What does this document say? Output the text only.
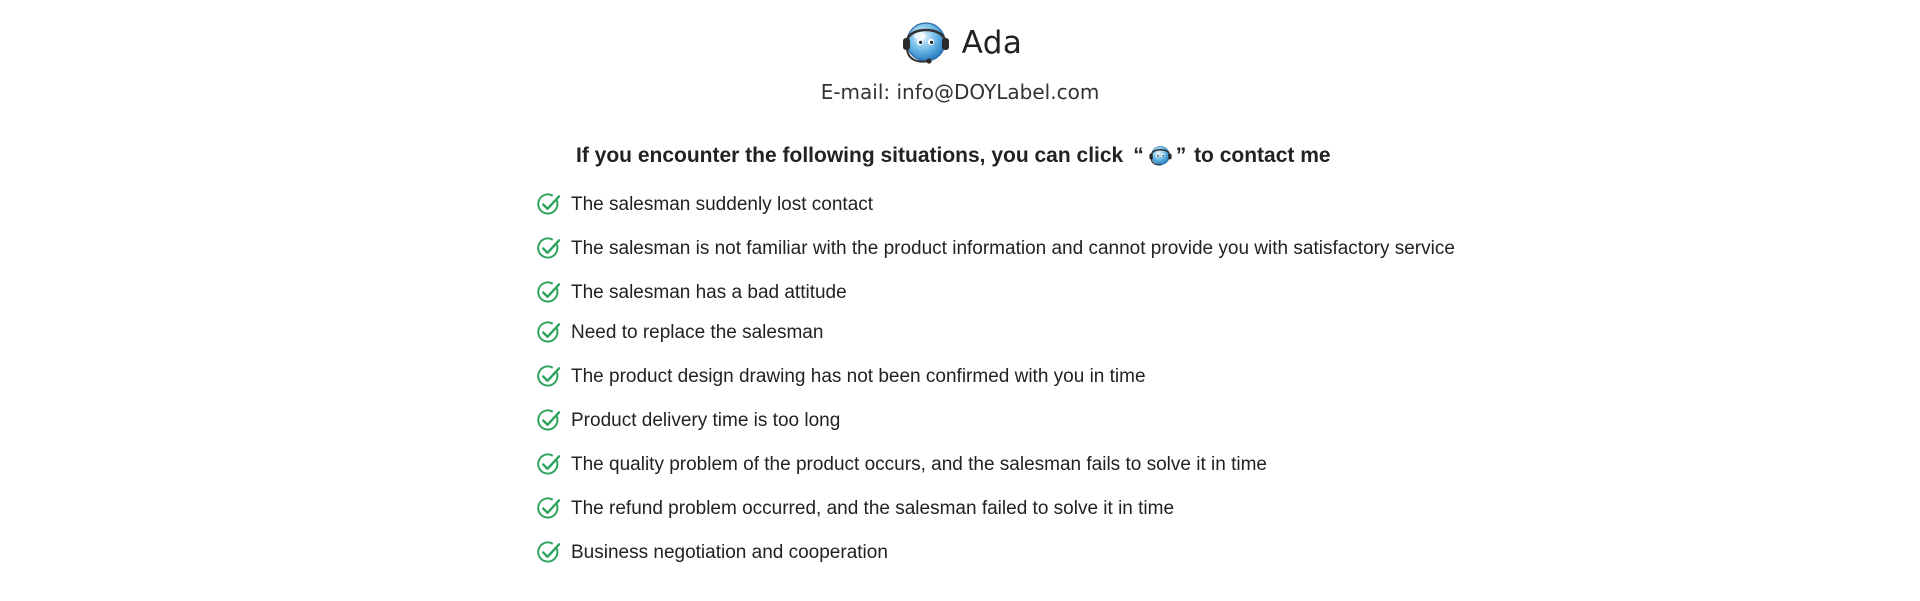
Ada
E-mail: info@DOYLabel.com
If you encounter the following situations, you can click “ ” to contact me
The salesman suddenly lost contact
The salesman is not familiar with the product information and cannot provide you with satisfactory service
The salesman has a bad attitude
Need to replace the salesman
The product design drawing has not been confirmed with you in time
Product delivery time is too long
The quality problem of the product occurs, and the salesman fails to solve it in time
The refund problem occurred, and the salesman failed to solve it in time
Business negotiation and cooperation
